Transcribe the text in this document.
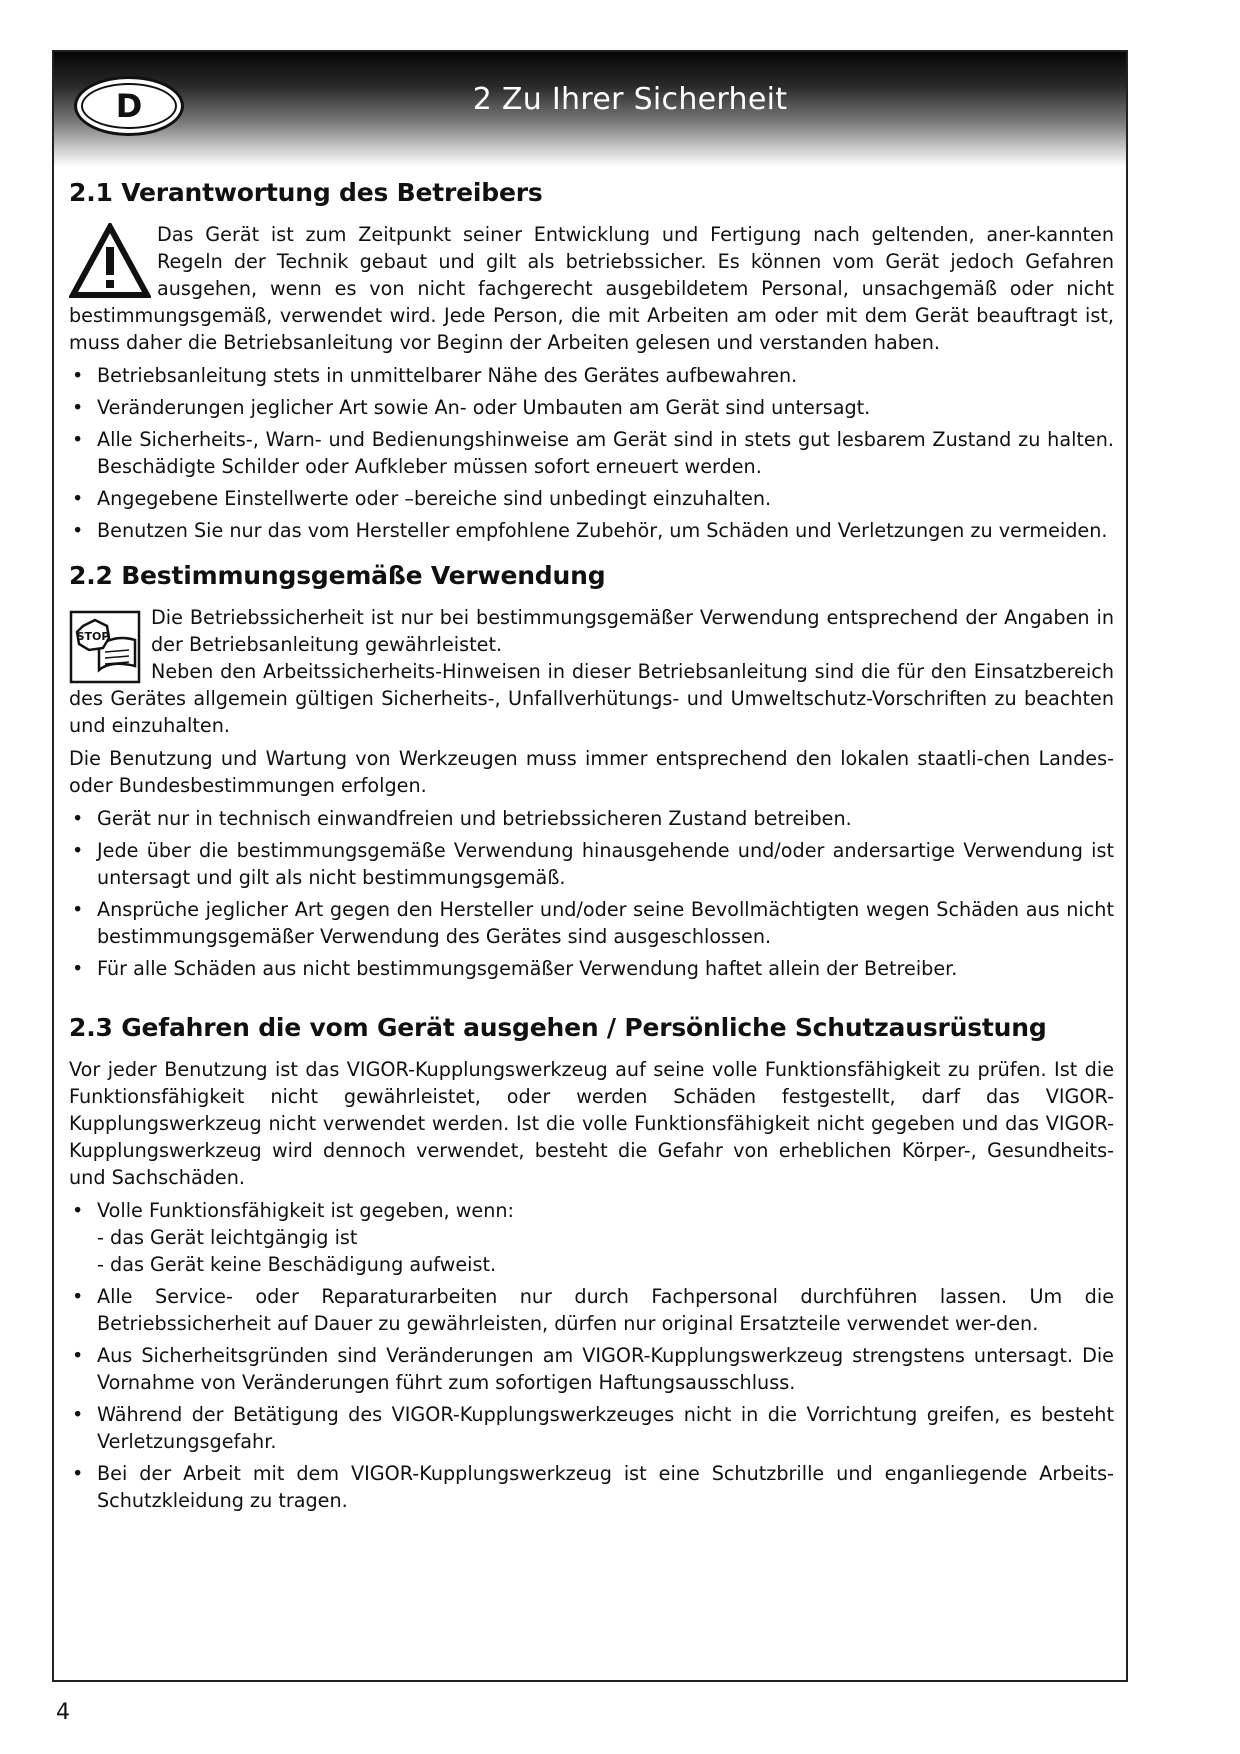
D	2 Zu Ihrer Sicherheit
2.1 Verantwortung des Betreibers

Das Gerät ist zum Zeitpunkt seiner Entwicklung und Fertigung nach geltenden, aner-kannten Regeln der Technik gebaut und gilt als betriebssicher. Es können vom Gerät jedoch Gefahren ausgehen, wenn es von nicht fachgerecht ausgebildetem Personal, unsachgemäß oder nicht bestimmungsgemäß, verwendet wird. Jede Person, die mit Arbeiten am oder mit dem Gerät beauftragt ist, muss daher die Betriebsanleitung vor Beginn der Arbeiten gelesen und verstanden haben.

• Betriebsanleitung stets in unmittelbarer Nähe des Gerätes aufbewahren.
• Veränderungen jeglicher Art sowie An- oder Umbauten am Gerät sind untersagt.
• Alle Sicherheits-, Warn- und Bedienungshinweise am Gerät sind in stets gut lesbarem Zustand zu halten. Beschädigte Schilder oder Aufkleber müssen sofort erneuert werden.
• Angegebene Einstellwerte oder –bereiche sind unbedingt einzuhalten.
• Benutzen Sie nur das vom Hersteller empfohlene Zubehör, um Schäden und Verletzungen zu vermeiden.
2.2 Bestimmungsgemäße Verwendung
STOP

Die Betriebssicherheit ist nur bei bestimmungsgemäßer Verwendung entsprechend der Angaben in der Betriebsanleitung gewährleistet.

Neben den Arbeitssicherheits-Hinweisen in dieser Betriebsanleitung sind die für den Einsatzbereich des Gerätes allgemein gültigen Sicherheits-, Unfallverhütungs- und Umweltschutz-Vorschriften zu beachten und einzuhalten.

Die Benutzung und Wartung von Werkzeugen muss immer entsprechend den lokalen staatli-chen Landes- oder Bundesbestimmungen erfolgen.

• Gerät nur in technisch einwandfreien und betriebssicheren Zustand betreiben.
• Jede über die bestimmungsgemäße Verwendung hinausgehende und/oder andersartige Verwendung ist untersagt und gilt als nicht bestimmungsgemäß.
• Ansprüche jeglicher Art gegen den Hersteller und/oder seine Bevollmächtigten wegen Schäden aus nicht bestimmungsgemäßer Verwendung des Gerätes sind ausgeschlossen.
• Für alle Schäden aus nicht bestimmungsgemäßer Verwendung haftet allein der Betreiber.
2.3 Gefahren die vom Gerät ausgehen / Persönliche Schutzausrüstung

Vor jeder Benutzung ist das VIGOR-Kupplungswerkzeug auf seine volle Funktionsfähigkeit zu prüfen. Ist die Funktionsfähigkeit nicht gewährleistet, oder werden Schäden festgestellt, darf das VIGOR-Kupplungswerkzeug nicht verwendet werden. Ist die volle Funktionsfähigkeit nicht gegeben und das VIGOR-Kupplungswerkzeug wird dennoch verwendet, besteht die Gefahr von erheblichen Körper-, Gesundheits- und Sachschäden.

• Volle Funktionsfähigkeit ist gegeben, wenn:
- das Gerät leichtgängig ist
- das Gerät keine Beschädigung aufweist.
• Alle Service- oder Reparaturarbeiten nur durch Fachpersonal durchführen lassen. Um die Betriebssicherheit auf Dauer zu gewährleisten, dürfen nur original Ersatzteile verwendet wer-den.
• Aus Sicherheitsgründen sind Veränderungen am VIGOR-Kupplungswerkzeug strengstens untersagt. Die Vornahme von Veränderungen führt zum sofortigen Haftungsausschluss.
• Während der Betätigung des VIGOR-Kupplungswerkzeuges nicht in die Vorrichtung greifen, es besteht Verletzungsgefahr.
• Bei der Arbeit mit dem VIGOR-Kupplungswerkzeug ist eine Schutzbrille und enganliegende Arbeits-Schutzkleidung zu tragen.
4
